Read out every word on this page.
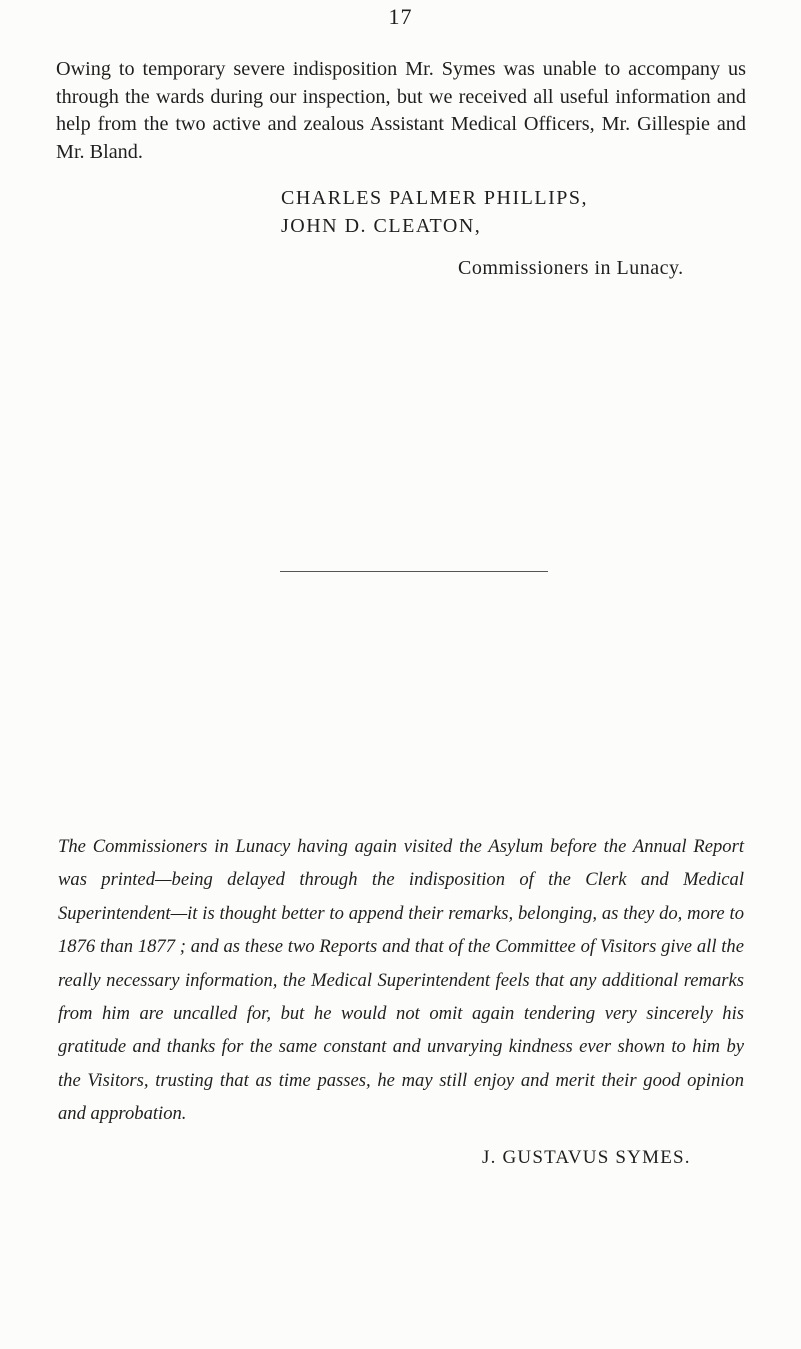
17

Owing to temporary severe indisposition Mr. Symes was unable to accompany us through the wards during our inspection, but we received all useful information and help from the two active and zealous Assistant Medical Officers, Mr. Gillespie and Mr. Bland.

CHARLES PALMER PHILLIPS,

JOHN D. CLEATON,

Commissioners in Lunacy.

The Commissioners in Lunacy having again visited the Asylum before the Annual Report was printed—being delayed through the indisposition of the Clerk and Medical Superintendent—it is thought better to append their remarks, belonging, as they do, more to 1876 than 1877 ; and as these two Reports and that of the Committee of Visitors give all the really necessary information, the Medical Superintendent feels that any additional remarks from him are uncalled for, but he would not omit again tendering very sincerely his gratitude and thanks for the same constant and unvarying kindness ever shown to him by the Visitors, trusting that as time passes, he may still enjoy and merit their good opinion and approbation.

J. GUSTAVUS SYMES.
